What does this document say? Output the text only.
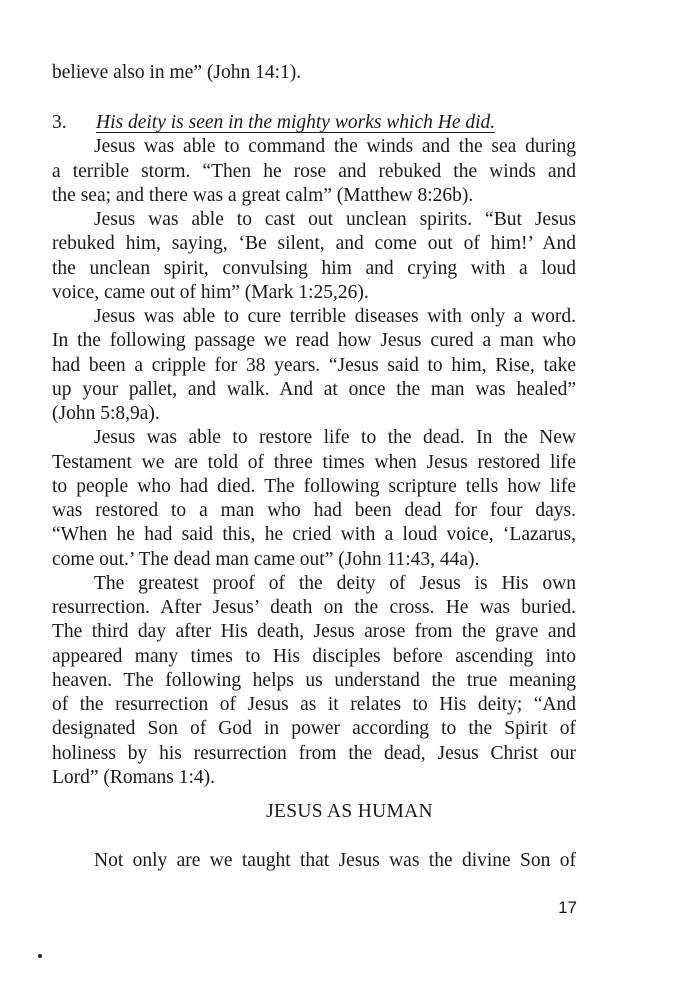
believe also in me” (John 14:1).
3. His deity is seen in the mighty works which He did.
Jesus was able to command the winds and the sea during
a terrible storm. “Then he rose and rebuked the winds and
the sea; and there was a great calm” (Matthew 8:26b).
Jesus was able to cast out unclean spirits. “But Jesus
rebuked him, saying, ‘Be silent, and come out of him!’ And
the unclean spirit, convulsing him and crying with a loud
voice, came out of him” (Mark 1:25,26).
Jesus was able to cure terrible diseases with only a word.
In the following passage we read how Jesus cured a man who
had been a cripple for 38 years. “Jesus said to him, Rise, take
up your pallet, and walk. And at once the man was healed”
(John 5:8,9a).
Jesus was able to restore life to the dead. In the New
Testament we are told of three times when Jesus restored life
to people who had died. The following scripture tells how life
was restored to a man who had been dead for four days.
“When he had said this, he cried with a loud voice, ‘Lazarus,
come out.’ The dead man came out” (John 11:43, 44a).
The greatest proof of the deity of Jesus is His own
resurrection. After Jesus’ death on the cross. He was buried.
The third day after His death, Jesus arose from the grave and
appeared many times to His disciples before ascending into
heaven. The following helps us understand the true meaning
of the resurrection of Jesus as it relates to His deity; “And
designated Son of God in power according to the Spirit of
holiness by his resurrection from the dead, Jesus Christ our
Lord” (Romans 1:4).
JESUS AS HUMAN
Not only are we taught that Jesus was the divine Son of
17
